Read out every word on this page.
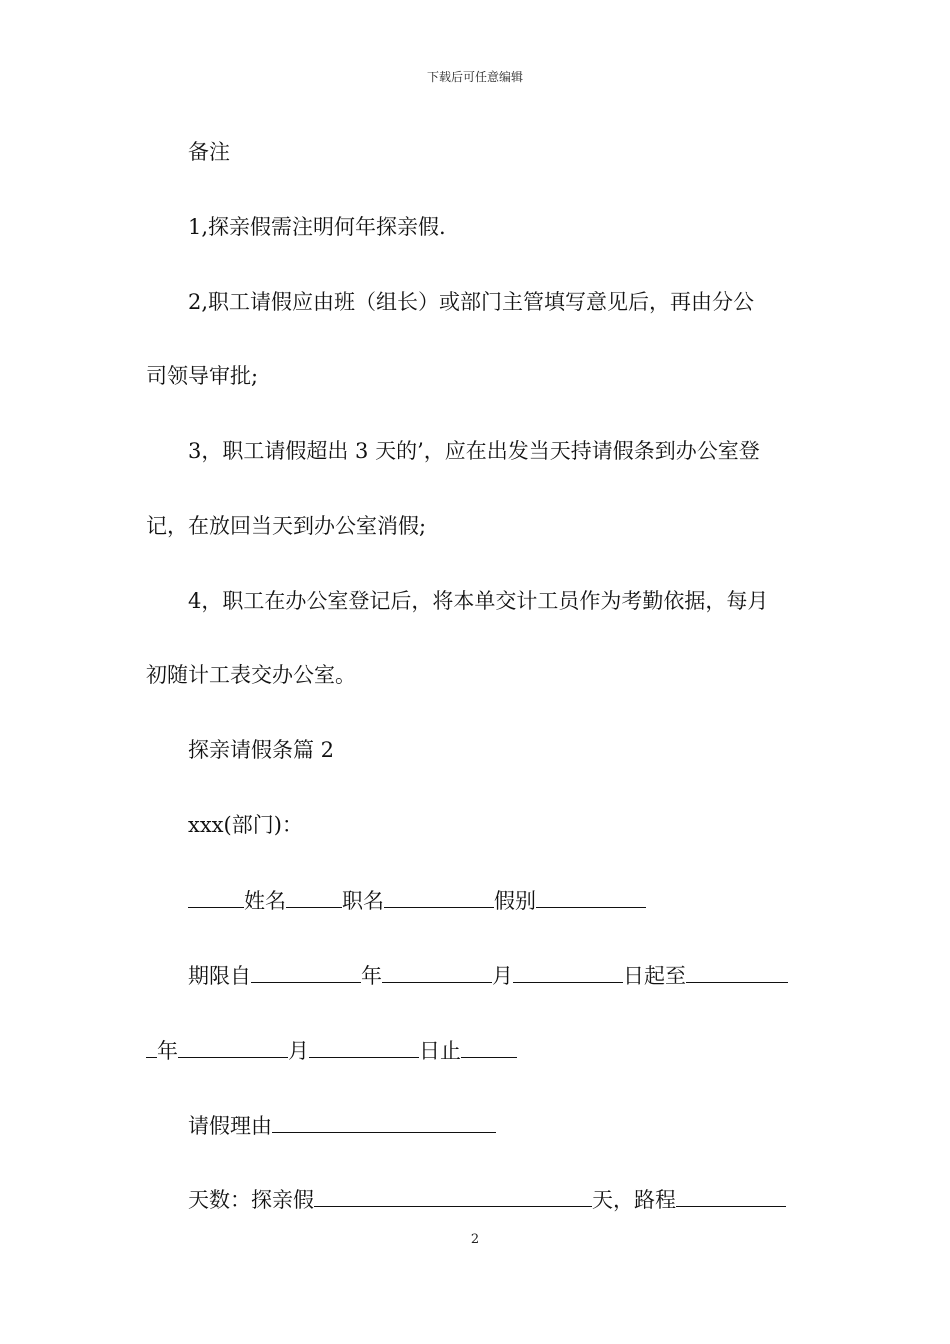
下载后可任意编辑
备注
1,探亲假需注明何年探亲假.
2,职工请假应由班（组长）或部门主管填写意见后，再由分公
司领导审批;
3，职工请假超出 3 天的’，应在出发当天持请假条到办公室登
记，在放回当天到办公室消假;
4，职工在办公室登记后，将本单交计工员作为考勤依据，每月
初随计工表交办公室。
探亲请假条篇 2
xxx(部门)：
姓名	职名	假别
期限自	年	月	日起至
年	月	日止
请假理由
天数：探亲假	天，路程
2
